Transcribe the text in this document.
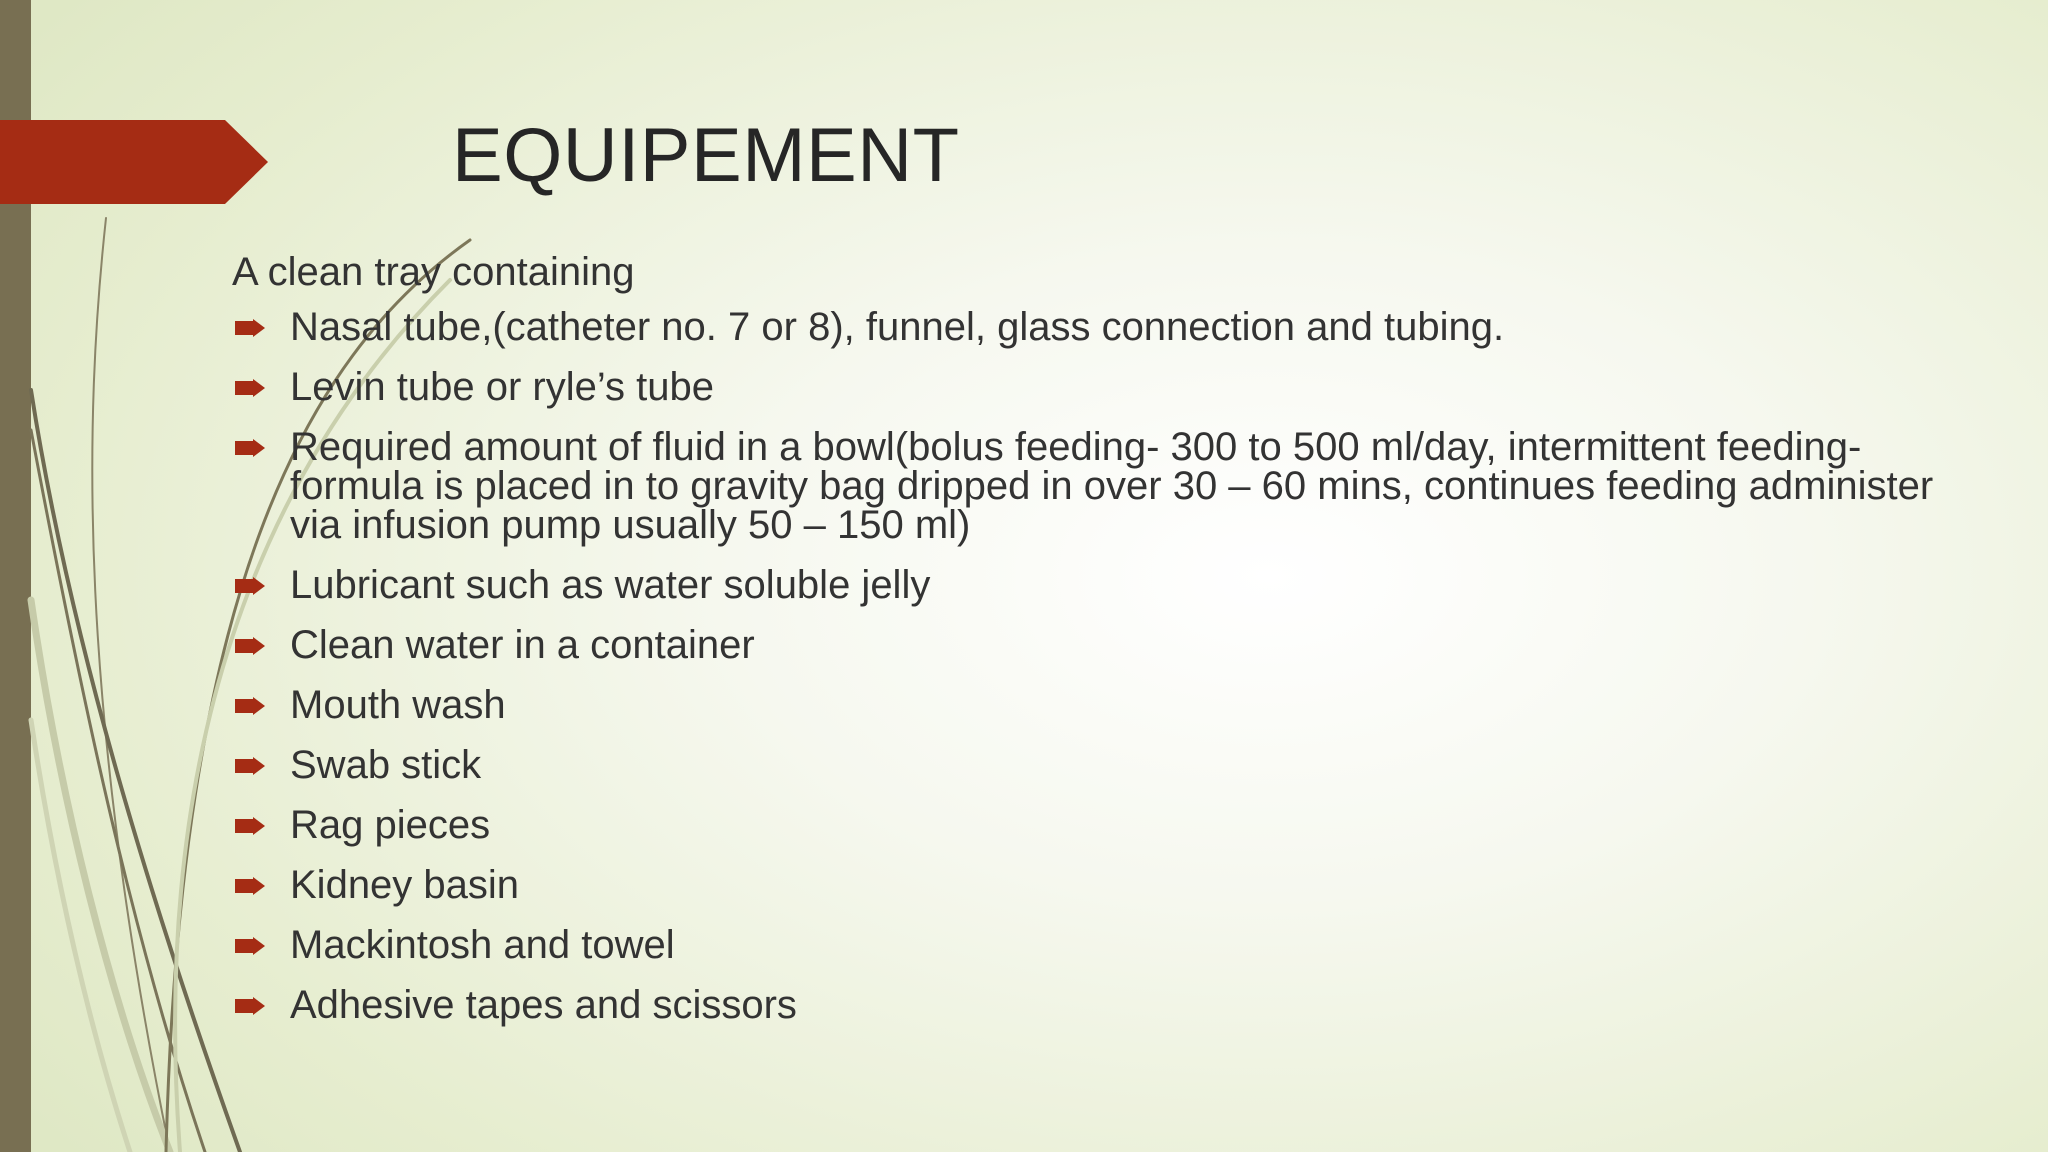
EQUIPEMENT
A clean tray containing
Nasal tube,(catheter no. 7 or 8), funnel, glass connection and tubing.
Levin tube or ryle’s tube
Required amount of fluid in a bowl(bolus feeding- 300 to 500 ml/day, intermittent feeding- formula is placed in to gravity bag dripped in over 30 – 60 mins, continues feeding administer via infusion pump usually 50 – 150 ml)
Lubricant such as water soluble jelly
Clean water in a container
Mouth wash
Swab stick
Rag pieces
Kidney basin
Mackintosh and towel
Adhesive tapes and scissors
